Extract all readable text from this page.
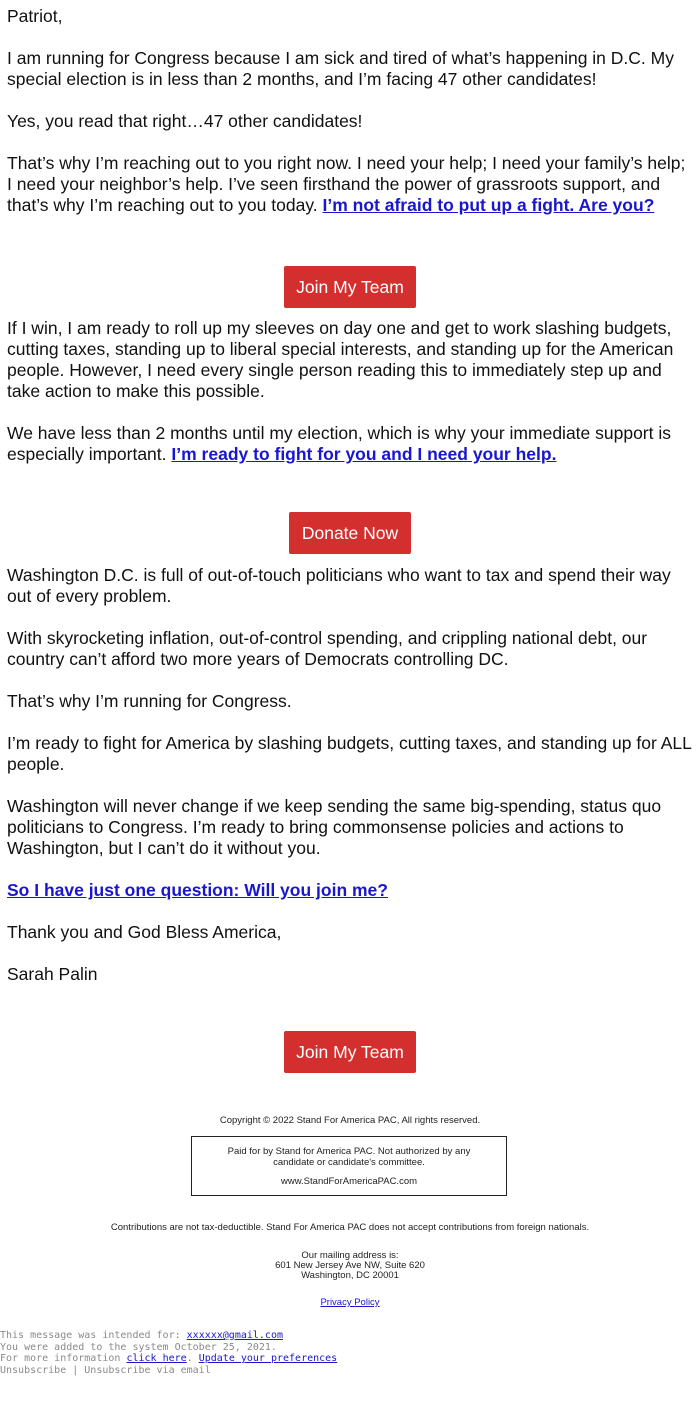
Patriot,

I am running for Congress because I am sick and tired of what’s happening in D.C. My special election is in less than 2 months, and I’m facing 47 other candidates!

Yes, you read that right…47 other candidates!

That’s why I’m reaching out to you right now. I need your help; I need your family’s help; I need your neighbor’s help. I’ve seen firsthand the power of grassroots support, and that’s why I’m reaching out to you today. I’m not afraid to put up a fight. Are you?

If I win, I am ready to roll up my sleeves on day one and get to work slashing budgets, cutting taxes, standing up to liberal special interests, and standing up for the American people. However, I need every single person reading this to immediately step up and take action to make this possible.

We have less than 2 months until my election, which is why your immediate support is especially important. I’m ready to fight for you and I need your help.

Washington D.C. is full of out-of-touch politicians who want to tax and spend their way out of every problem.

With skyrocketing inflation, out-of-control spending, and crippling national debt, our country can’t afford two more years of Democrats controlling DC.

That’s why I’m running for Congress.

I’m ready to fight for America by slashing budgets, cutting taxes, and standing up for ALL people.

Washington will never change if we keep sending the same big-spending, status quo politicians to Congress. I’m ready to bring commonsense policies and actions to Washington, but I can’t do it without you.

So I have just one question: Will you join me?

Thank you and God Bless America,

Sarah Palin

Join My Team
Donate Now
Join My Team
Copyright © 2022 Stand For America PAC, All rights reserved.
Paid for by Stand for America PAC. Not authorized by any candidate or candidate's committee.
www.StandForAmericaPAC.com
Contributions are not tax-deductible. Stand For America PAC does not accept contributions from foreign nationals.
Our mailing address is:
601 New Jersey Ave NW, Suite 620
Washington, DC 20001
Privacy Policy
This message was intended for: xxxxxx@gmail.com
You were added to the system October 25, 2021.
For more information click here. Update your preferences
Unsubscribe | Unsubscribe via email
